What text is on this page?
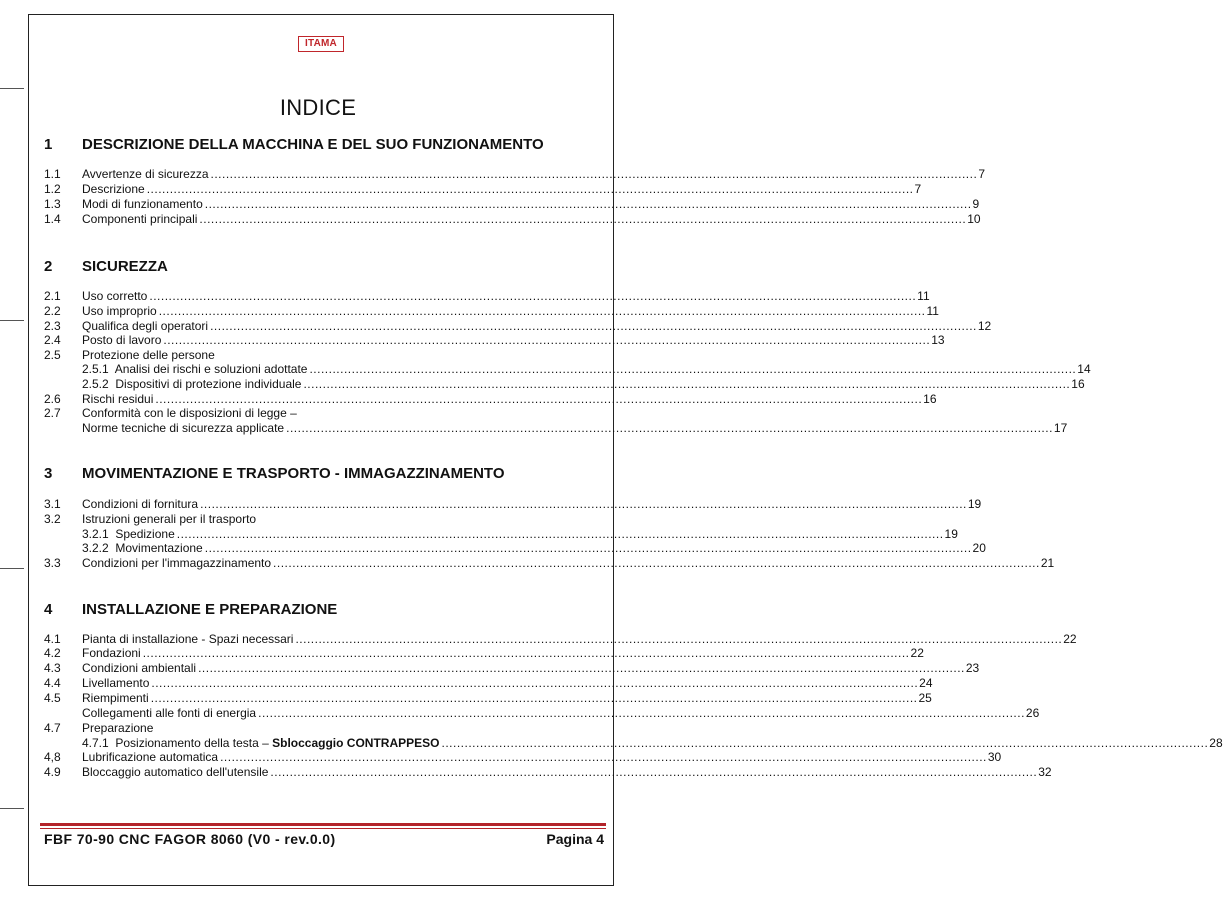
ITAMA
INDICE
1 DESCRIZIONE DELLA MACCHINA E DEL SUO FUNZIONAMENTO
2 SICUREZZA
3 MOVIMENTAZIONE E TRASPORTO - IMMAGAZZINAMENTO
4 INSTALLAZIONE E PREPARAZIONE
1.1 Avvertenze di sicurezza ........................................................................................................................................................................................................ 7
1.2 Descrizione ........................................................................................................................................................................................................ 7
1.3 Modi di funzionamento ........................................................................................................................................................................................................ 9
1.4 Componenti principali ........................................................................................................................................................................................................ 10
2.1 Uso corretto ........................................................................................................................................................................................................ 11
2.2 Uso improprio ........................................................................................................................................................................................................ 11
2.3 Qualifica degli operatori ........................................................................................................................................................................................................ 12
2.4 Posto di lavoro ........................................................................................................................................................................................................ 13
2.5 Protezione delle persone
2.5.1  Analisi dei rischi e soluzioni adottate ........................................................................................................................................................................................................ 14
2.5.2  Dispositivi di protezione individuale ........................................................................................................................................................................................................ 16
2.6 Rischi residui ........................................................................................................................................................................................................ 16
2.7 Conformità con le disposizioni di legge –
Norme tecniche di sicurezza applicate ........................................................................................................................................................................................................ 17
3.1 Condizioni di fornitura ........................................................................................................................................................................................................ 19
3.2 Istruzioni generali per il trasporto
3.2.1  Spedizione ........................................................................................................................................................................................................ 19
3.2.2  Movimentazione ........................................................................................................................................................................................................ 20
3.3 Condizioni per l'immagazzinamento ........................................................................................................................................................................................................ 21
4.1 Pianta di installazione - Spazi necessari ........................................................................................................................................................................................................ 22
4.2 Fondazioni ........................................................................................................................................................................................................ 22
4.3 Condizioni ambientali ........................................................................................................................................................................................................ 23
4.4 Livellamento ........................................................................................................................................................................................................ 24
4.5 Riempimenti ........................................................................................................................................................................................................ 25
Collegamenti alle fonti di energia ........................................................................................................................................................................................................ 26
4.7 Preparazione
4.7.1  Posizionamento della testa – Sbloccaggio CONTRAPPESO ........................................................................................................................................................................................................ 28
4,8 Lubrificazione automatica ........................................................................................................................................................................................................ 30
4.9 Bloccaggio automatico dell'utensile ........................................................................................................................................................................................................ 32
FBF 70-90 CNC FAGOR 8060 (V0 - rev.0.0)	Pagina 4
